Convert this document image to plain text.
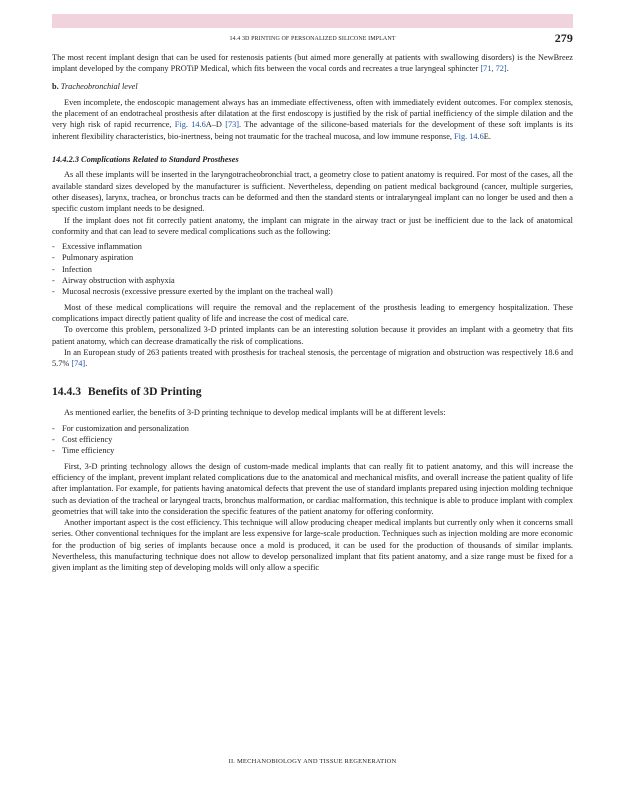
14.4 3D PRINTING OF PERSONALIZED SILICONE IMPLANT	279

The most recent implant design that can be used for restenosis patients (but aimed more generally at patients with swallowing disorders) is the NewBreez implant developed by the company PROTiP Medical, which fits between the vocal cords and recreates a true laryngeal sphincter [71, 72].

b. Tracheobronchial level

Even incomplete, the endoscopic management always has an immediate effectiveness, often with immediately evident outcomes. For complex stenosis, the placement of an endotracheal prosthesis after dilatation at the first endoscopy is justified by the risk of partial inefficiency of the simple dilation and the very high risk of rapid recurrence, Fig. 14.6A–D [73]. The advantage of the silicone-based materials for the development of these soft implants is its inherent flexibility characteristics, bio-inertness, being not traumatic for the tracheal mucosa, and low immune response, Fig. 14.6E.

14.4.2.3 Complications Related to Standard Prostheses

As all these implants will be inserted in the laryngotracheobronchial tract, a geometry close to patient anatomy is required. For most of the cases, all the available standard sizes developed by the manufacturer is sufficient. Nevertheless, depending on patient medical background (cancer, multiple surgeries, other diseases), larynx, trachea, or bronchus tracts can be deformed and then the standard stents or intralaryngeal implant can no longer be used and then a specific custom implant needs to be designed.

If the implant does not fit correctly patient anatomy, the implant can migrate in the airway tract or just be inefficient due to the lack of anatomical conformity and that can lead to severe medical complications such as the following:

- Excessive inflammation
- Pulmonary aspiration
- Infection
- Airway obstruction with asphyxia
- Mucosal necrosis (excessive pressure exerted by the implant on the tracheal wall)

Most of these medical complications will require the removal and the replacement of the prosthesis leading to emergency hospitalization. These complications impact directly patient quality of life and increase the cost of medical care.

To overcome this problem, personalized 3-D printed implants can be an interesting solution because it provides an implant with a geometry that fits patient anatomy, which can decrease dramatically the risk of complications.

In an European study of 263 patients treated with prosthesis for tracheal stenosis, the percentage of migration and obstruction was respectively 18.6 and 5.7% [74].

14.4.3 Benefits of 3D Printing

As mentioned earlier, the benefits of 3-D printing technique to develop medical implants will be at different levels:

- For customization and personalization
- Cost efficiency
- Time efficiency

First, 3-D printing technology allows the design of custom-made medical implants that can really fit to patient anatomy, and this will increase the efficiency of the implant, prevent implant related complications due to the anatomical and mechanical misfits, and overall increase the patient quality of life after implantation. For example, for patients having anatomical defects that prevent the use of standard implants prepared using injection molding technique such as deviation of the tracheal or laryngeal tracts, bronchus malformation, or cardiac malformation, this technique is able to produce implant with complex geometries that will take into the consideration the specific features of the patient anatomy for offering conformity.

Another important aspect is the cost efficiency. This technique will allow producing cheaper medical implants but currently only when it concerns small series. Other conventional techniques for the implant are less expensive for large-scale production. Techniques such as injection molding are more economic for the production of big series of implants because once a mold is produced, it can be used for the production of thousands of similar implants. Nevertheless, this manufacturing technique does not allow to develop personalized implant that fits patient anatomy, and a size range must be fixed for a given implant as the limiting step of developing molds will only allow a specific

II. MECHANOBIOLOGY AND TISSUE REGENERATION
